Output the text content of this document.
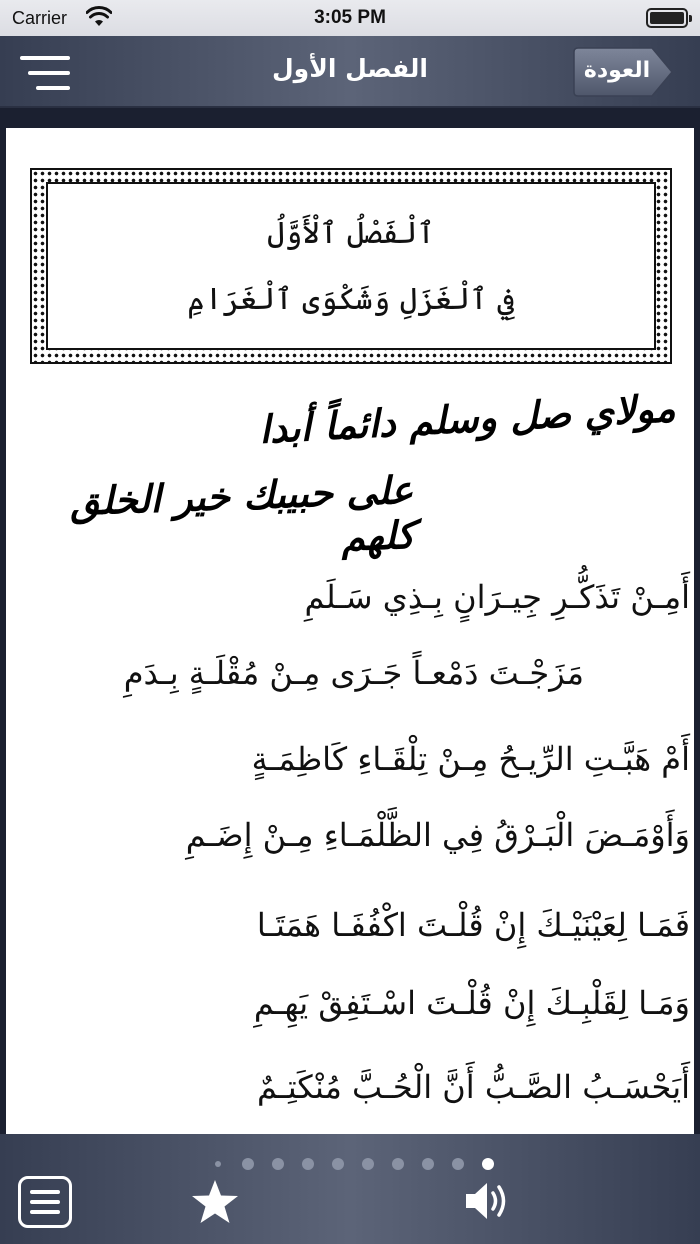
Carrier	3:05 PM
الفصل الأول	العودة
ٱلْفَصْلُ ٱلْأَوَّلُ
فِي ٱلْغَزَلِ وَشَكْوَى ٱلْغَرَامِ
مولاي صل وسلم دائماً أبدا
على حبيبك خير الخلق كلهم
أَمِـنْ تَذَكُّـرِ جِيـرَانٍ بِـذِي سَـلَمِ
مَزَجْـتَ دَمْعـاً جَـرَى مِـنْ مُقْلَـةٍ بِـدَمِ
أَمْ هَبَّـتِ الرِّيـحُ مِـنْ تِلْقَـاءِ كَاظِمَـةٍ
وَأَوْمَـضَ الْبَـرْقُ فِي الظَّلْمَـاءِ مِـنْ إِضَـمِ
فَمَـا لِعَيْنَيْـكَ إِنْ قُلْـتَ اكْفُفَـا هَمَتَـا
وَمَـا لِقَلْبِـكَ إِنْ قُلْـتَ اسْـتَفِقْ يَهِـمِ
أَيَحْسَـبُ الصَّـبُّ أَنَّ الْحُـبَّ مُنْكَتِـمٌ
